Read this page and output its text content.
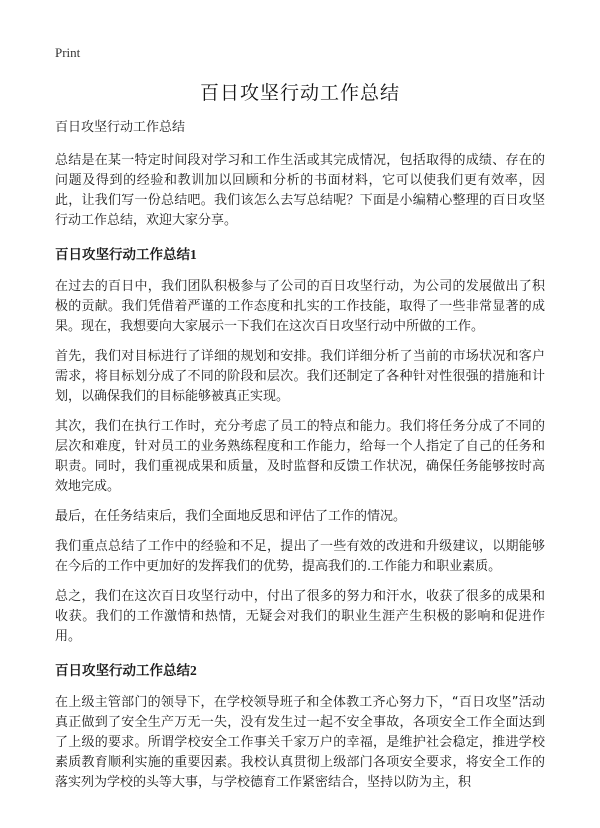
Print
百日攻坚行动工作总结
百日攻坚行动工作总结

总结是在某一特定时间段对学习和工作生活或其完成情况，包括取得的成绩、存在的问题及得到的经验和教训加以回顾和分析的书面材料，它可以使我们更有效率，因此，让我们写一份总结吧。我们该怎么去写总结呢？下面是小编精心整理的百日攻坚行动工作总结，欢迎大家分享。

百日攻坚行动工作总结1

在过去的百日中，我们团队积极参与了公司的百日攻坚行动，为公司的发展做出了积极的贡献。我们凭借着严谨的工作态度和扎实的工作技能，取得了一些非常显著的成果。现在，我想要向大家展示一下我们在这次百日攻坚行动中所做的工作。

首先，我们对目标进行了详细的规划和安排。我们详细分析了当前的市场状况和客户需求，将目标划分成了不同的阶段和层次。我们还制定了各种针对性很强的措施和计划，以确保我们的目标能够被真正实现。

其次，我们在执行工作时，充分考虑了员工的特点和能力。我们将任务分成了不同的层次和难度，针对员工的业务熟练程度和工作能力，给每一个人指定了自己的任务和职责。同时，我们重视成果和质量，及时监督和反馈工作状况，确保任务能够按时高效地完成。

最后，在任务结束后，我们全面地反思和评估了工作的情况。

我们重点总结了工作中的经验和不足，提出了一些有效的改进和升级建议，以期能够在今后的工作中更加好的发挥我们的优势，提高我们的.工作能力和职业素质。

总之，我们在这次百日攻坚行动中，付出了很多的努力和汗水，收获了很多的成果和收获。我们的工作激情和热情，无疑会对我们的职业生涯产生积极的影响和促进作用。

百日攻坚行动工作总结2

在上级主管部门的领导下，在学校领导班子和全体教工齐心努力下，“百日攻坚”活动真正做到了安全生产万无一失，没有发生过一起不安全事故，各项安全工作全面达到了上级的要求。所谓学校安全工作事关千家万户的幸福，是维护社会稳定，推进学校素质教育顺利实施的重要因素。我校认真贯彻上级部门各项安全要求，将安全工作的落实列为学校的头等大事，与学校德育工作紧密结合，坚持以防为主，积
